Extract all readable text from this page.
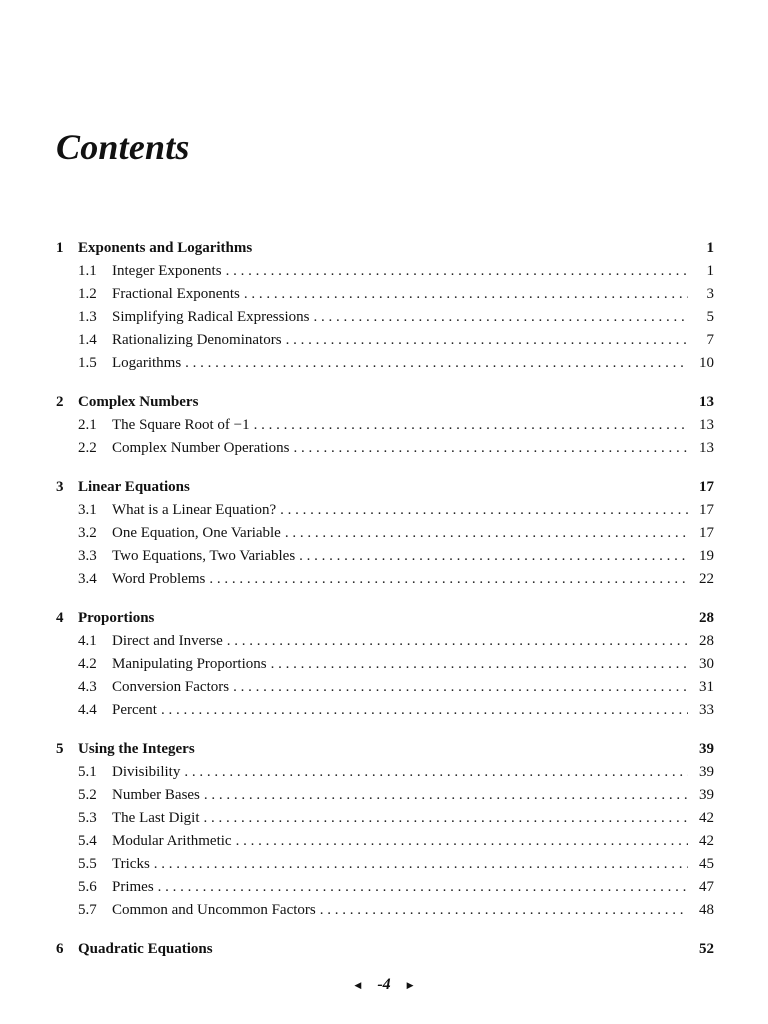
Contents
1 Exponents and Logarithms	1
1.1	Integer Exponents . . .	1
1.2	Fractional Exponents . . .	3
1.3	Simplifying Radical Expressions . . .	5
1.4	Rationalizing Denominators . . .	7
1.5	Logarithms . . .	10
2 Complex Numbers	13
2.1	The Square Root of −1 . . .	13
2.2	Complex Number Operations . . .	13
3 Linear Equations	17
3.1	What is a Linear Equation? . . .	17
3.2	One Equation, One Variable . . .	17
3.3	Two Equations, Two Variables . . .	19
3.4	Word Problems . . .	22
4 Proportions	28
4.1	Direct and Inverse . . .	28
4.2	Manipulating Proportions . . .	30
4.3	Conversion Factors . . .	31
4.4	Percent . . .	33
5 Using the Integers	39
5.1	Divisibility . . .	39
5.2	Number Bases . . .	39
5.3	The Last Digit . . .	42
5.4	Modular Arithmetic . . .	42
5.5	Tricks . . .	45
5.6	Primes . . .	47
5.7	Common and Uncommon Factors . . .	48
6 Quadratic Equations	52
◀ -4 ▶
